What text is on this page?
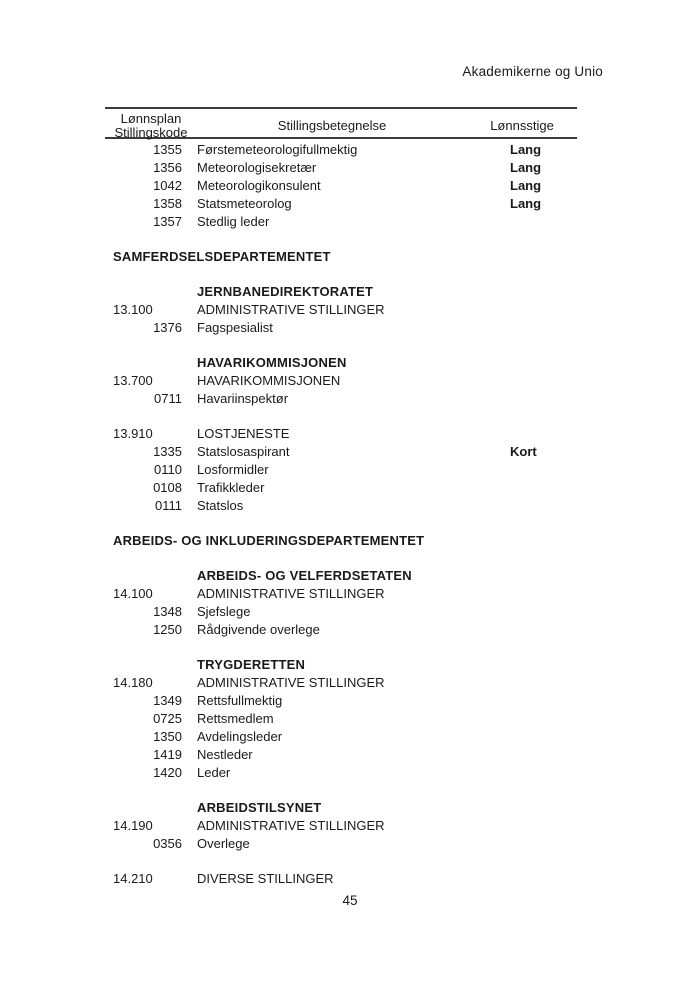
Akademikerne og Unio
Lønnsplan
Stillingskode	Stillingsbetegnelse	Lønnsstige
1355 Førstemeteorologifullmektig	Lang
1356 Meteorologisekretær	Lang
1042 Meteorologikonsulent	Lang
1358 Statsmeteorolog	Lang
1357 Stedlig leder
SAMFERDSELSDEPARTEMENTET
JERNBANEDIREKTORATET
13.100	ADMINISTRATIVE STILLINGER
1376 Fagspesialist
HAVARIKOMMISJONEN
13.700	HAVARIKOMMISJONEN
0711 Havariinspektør
13.910	LOSTJENESTE
1335 Statslosaspirant	Kort
0110 Losformidler
0108 Trafikkleder
0111 Statslos
ARBEIDS- OG INKLUDERINGSDEPARTEMENTET
ARBEIDS- OG VELFERDSETATEN
14.100	ADMINISTRATIVE STILLINGER
1348 Sjefslege
1250 Rådgivende overlege
TRYGDERETTEN
14.180	ADMINISTRATIVE STILLINGER
1349 Rettsfullmektig
0725 Rettsmedlem
1350 Avdelingsleder
1419 Nestleder
1420 Leder
ARBEIDSTILSYNET
14.190	ADMINISTRATIVE STILLINGER
0356 Overlege
14.210	DIVERSE STILLINGER
45
